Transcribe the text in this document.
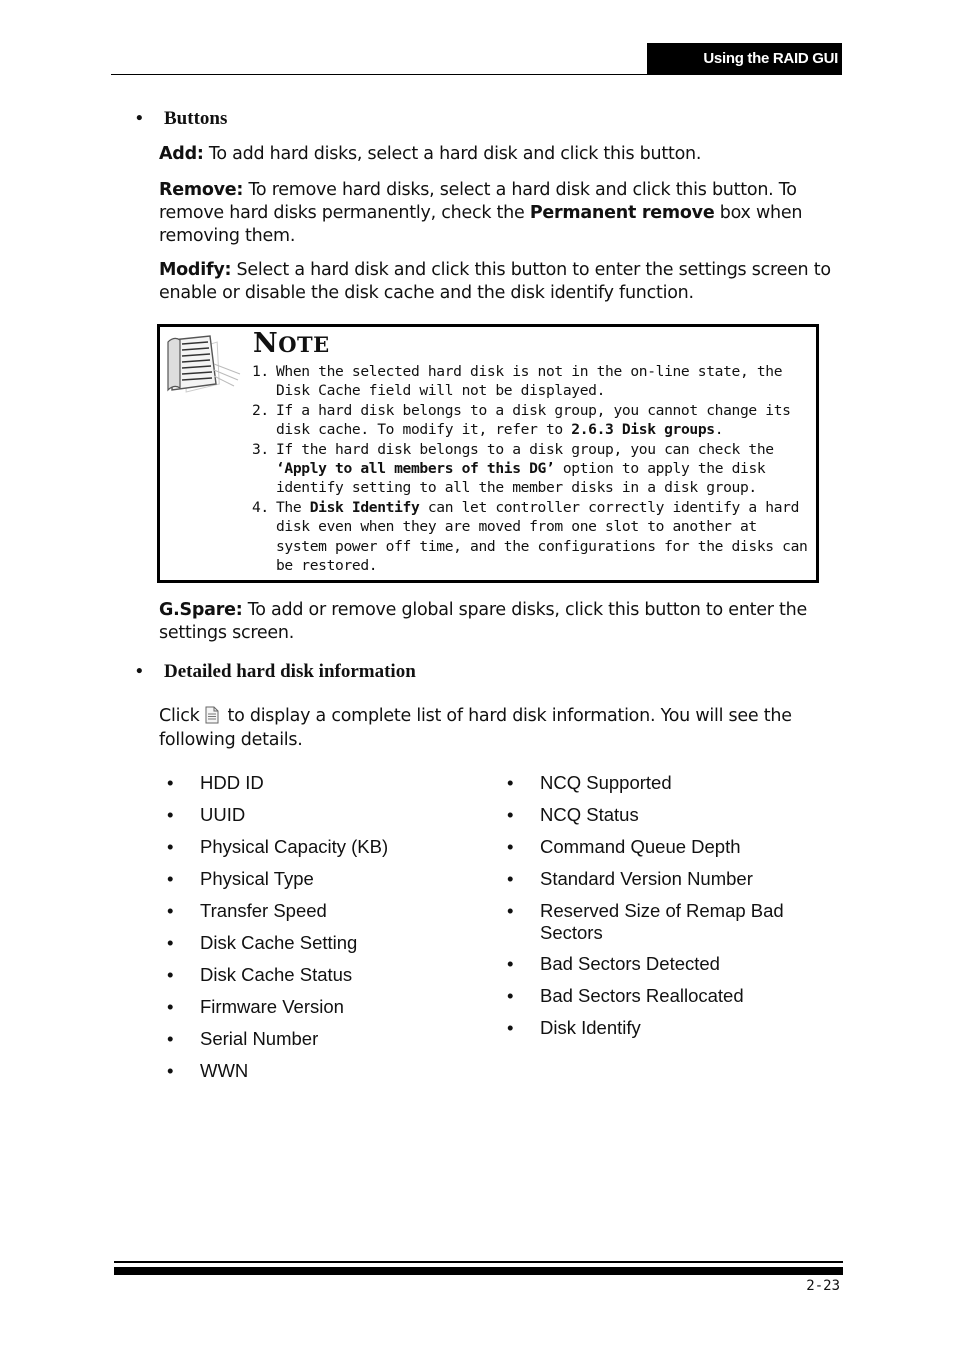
Using the RAID GUI
• Buttons
Add: To add hard disks, select a hard disk and click this button.
Remove: To remove hard disks, select a hard disk and click this button. To remove hard disks permanently, check the Permanent remove box when removing them.
Modify: Select a hard disk and click this button to enter the settings screen to enable or disable the disk cache and the disk identify function.
NOTE
1. When the selected hard disk is not in the on-line state, the Disk Cache field will not be displayed.
2. If a hard disk belongs to a disk group, you cannot change its disk cache. To modify it, refer to 2.6.3 Disk groups.
3. If the hard disk belongs to a disk group, you can check the ‘Apply to all members of this DG’ option to apply the disk identify setting to all the member disks in a disk group.
4. The Disk Identify can let controller correctly identify a hard disk even when they are moved from one slot to another at system power off time, and the configurations for the disks can be restored.
G.Spare: To add or remove global spare disks, click this button to enter the settings screen.
• Detailed hard disk information
Click to display a complete list of hard disk information. You will see the following details.
• HDD ID
• UUID
• Physical Capacity (KB)
• Physical Type
• Transfer Speed
• Disk Cache Setting
• Disk Cache Status
• Firmware Version
• Serial Number
• WWN
• NCQ Supported
• NCQ Status
• Command Queue Depth
• Standard Version Number
• Reserved Size of Remap Bad Sectors
• Bad Sectors Detected
• Bad Sectors Reallocated
• Disk Identify
2-23
